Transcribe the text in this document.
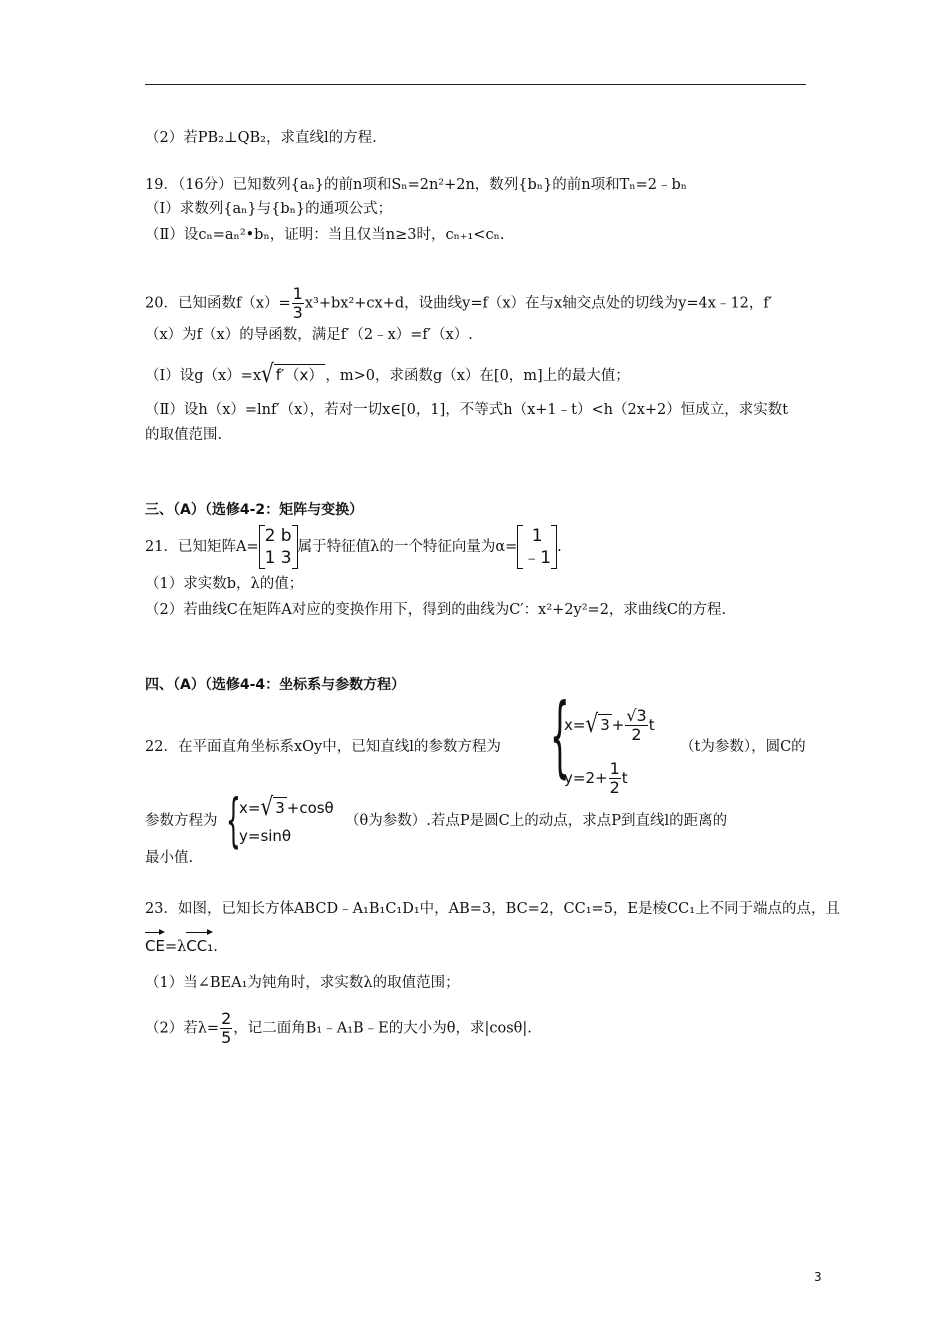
（2）若PB₂⊥QB₂，求直线l的方程.
19．（16分）已知数列{aₙ}的前n项和Sₙ=2n²+2n，数列{bₙ}的前n项和Tₙ=2﹣bₙ
（Ⅰ）求数列{aₙ}与{bₙ}的通项公式；
（Ⅱ）设cₙ=aₙ²•bₙ，证明：当且仅当n≥3时，cₙ₊₁<cₙ.
20．已知函数$f(x)= \frac{1}{3} x^3+bx^2+cx+d$，设曲线y=f（x）在与x轴交点处的切线为y=4x﹣12，f′
（x）为f（x）的导函数，满足f′（2﹣x）=f′（x）.
（Ⅰ）设g（x）=x√ f′（x） ，m>0，求函数g（x）在[0，m]上的最大值；
（Ⅱ）设h（x）=lnf′（x），若对一切x∈[0，1]，不等式h（x+1﹣t）<h（2x+2）恒成立，求实数t
的取值范围.
三、（A）（选修4-2：矩阵与变换）
21．已知矩阵A=
2 b
1 3
属于特征值λ的一个特征向量为α=
1
﹣1
.
（1）求实数b，λ的值；
（2）若曲线C在矩阵A对应的变换作用下，得到的曲线为C′：x²+2y²=2，求曲线C的方程.
四、（A）（选修4-4：坐标系与参数方程）
22．在平面直角坐标系xOy中，已知直线l的参数方程为 {
x=√ $3 + \frac{√3}{2}$ t
$y=2+ \frac{1}{2}$ t
（t为参数），圆C的
参数方程为 {
x=√ 3 +cosθ
y=sinθ
（θ为参数）.若点P是圆C上的动点，求点P到直线l的距离的
最小值.
23．如图，已知长方体ABCD﹣A₁B₁C₁D₁中，AB=3，BC=2，CC₁=5，E是棱CC₁上不同于端点的点，且
CE=λCC₁.
（1）当∠BEA₁为钝角时，求实数λ的取值范围；
（2）若$\lambda= \frac{2}{5}$ ，记二面角B₁﹣A₁B﹣E的大小为θ，求|cosθ|.
3
